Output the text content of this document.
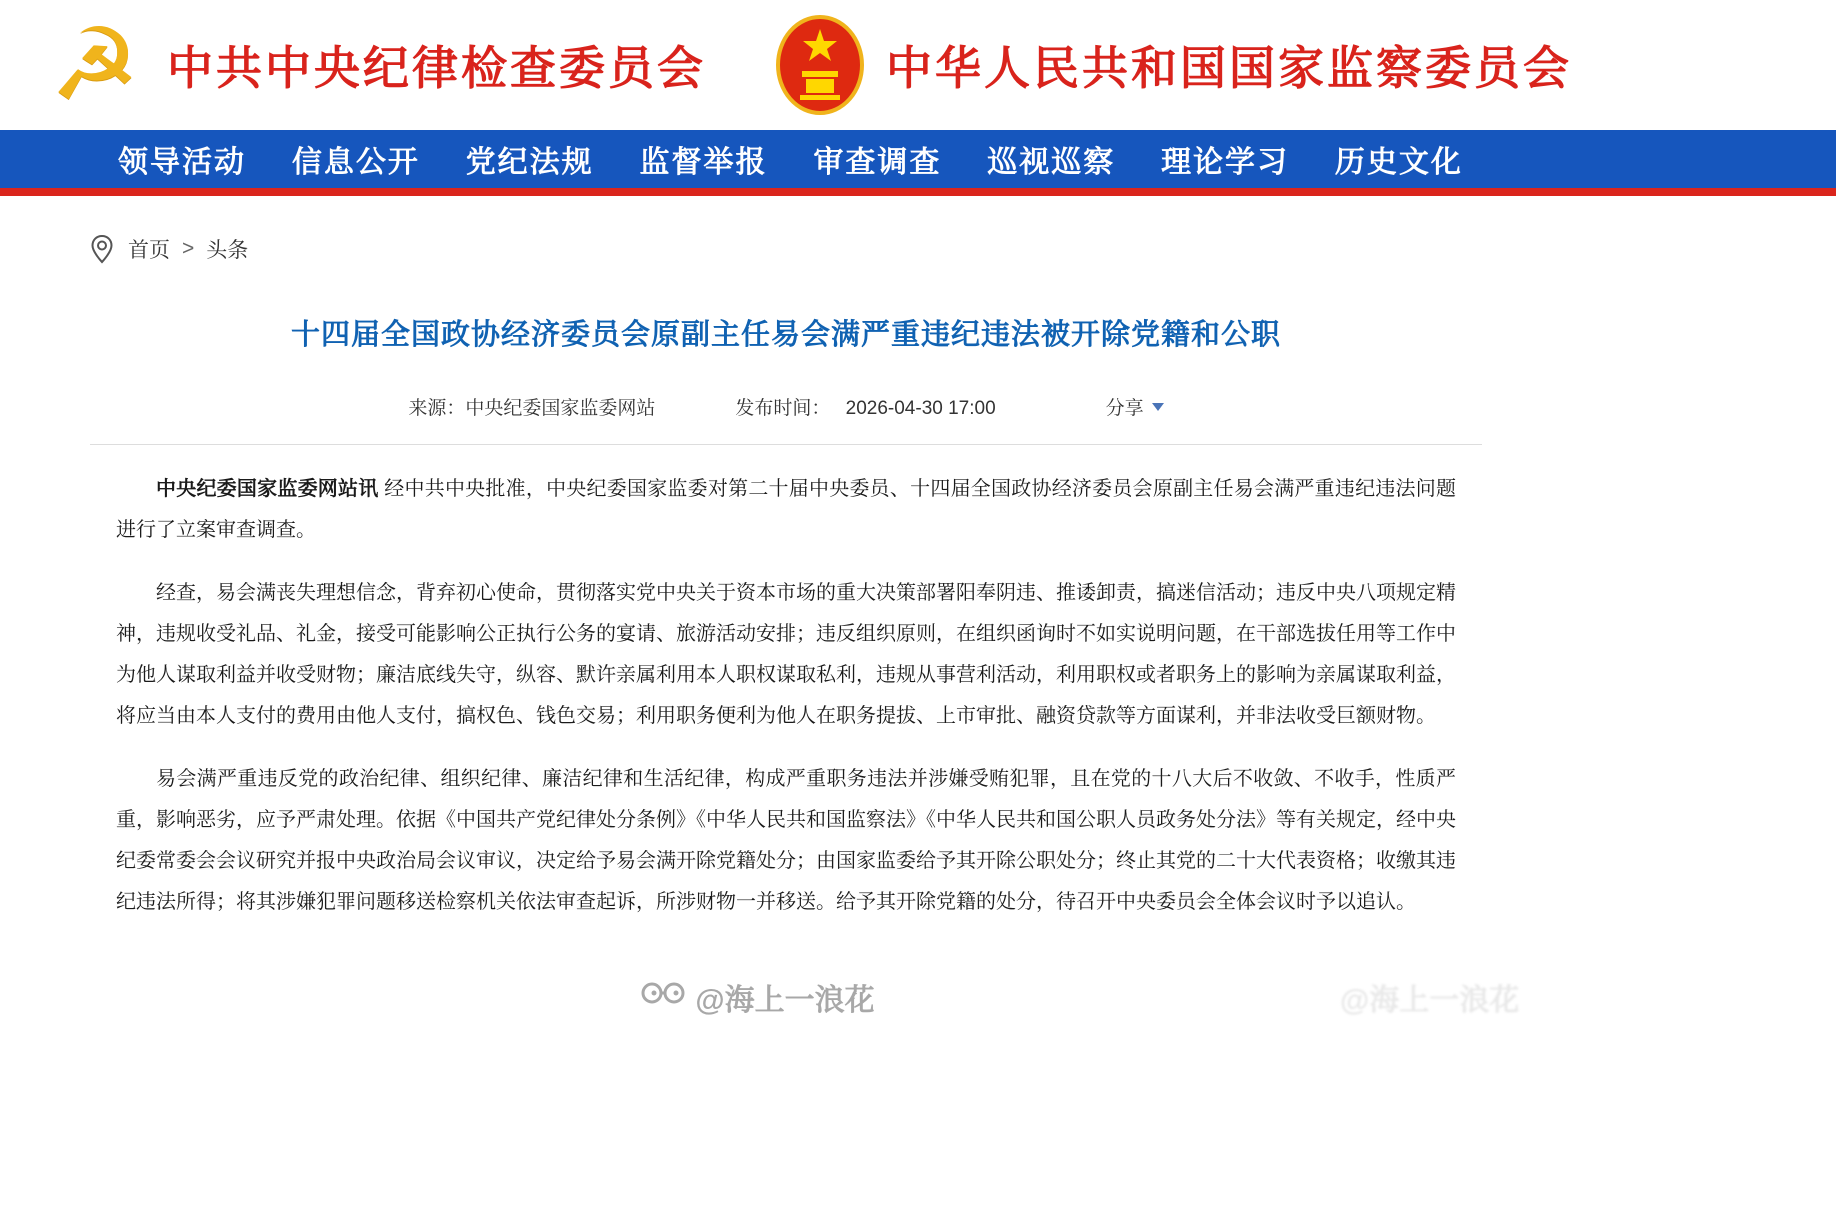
☭ 中共中央纪律检查委员会	中华人民共和国国家监察委员会
领导活动 信息公开 党纪法规 监督举报 审查调查 巡视巡察 理论学习 历史文化
首页 > 头条
十四届全国政协经济委员会原副主任易会满严重违纪违法被开除党籍和公职
来源：中央纪委国家监委网站	发布时间： 2026-04-30 17:00	分享

中央纪委国家监委网站讯 经中共中央批准，中央纪委国家监委对第二十届中央委员、十四届全国政协经济委员会原副主任易会满严重违纪违法问题进行了立案审查调查。

经查，易会满丧失理想信念，背弃初心使命，贯彻落实党中央关于资本市场的重大决策部署阳奉阴违、推诿卸责，搞迷信活动；违反中央八项规定精神，违规收受礼品、礼金，接受可能影响公正执行公务的宴请、旅游活动安排；违反组织原则，在组织函询时不如实说明问题，在干部选拔任用等工作中为他人谋取利益并收受财物；廉洁底线失守，纵容、默许亲属利用本人职权谋取私利，违规从事营利活动，利用职权或者职务上的影响为亲属谋取利益，将应当由本人支付的费用由他人支付，搞权色、钱色交易；利用职务便利为他人在职务提拔、上市审批、融资贷款等方面谋利，并非法收受巨额财物。

易会满严重违反党的政治纪律、组织纪律、廉洁纪律和生活纪律，构成严重职务违法并涉嫌受贿犯罪，且在党的十八大后不收敛、不收手，性质严重，影响恶劣，应予严肃处理。依据《中国共产党纪律处分条例》《中华人民共和国监察法》《中华人民共和国公职人员政务处分法》等有关规定，经中央纪委常委会会议研究并报中央政治局会议审议，决定给予易会满开除党籍处分；由国家监委给予其开除公职处分；终止其党的二十大代表资格；收缴其违纪违法所得；将其涉嫌犯罪问题移送检察机关依法审查起诉，所涉财物一并移送。给予其开除党籍的处分，待召开中央委员会全体会议时予以追认。

@海上一浪花	@海上一浪花
